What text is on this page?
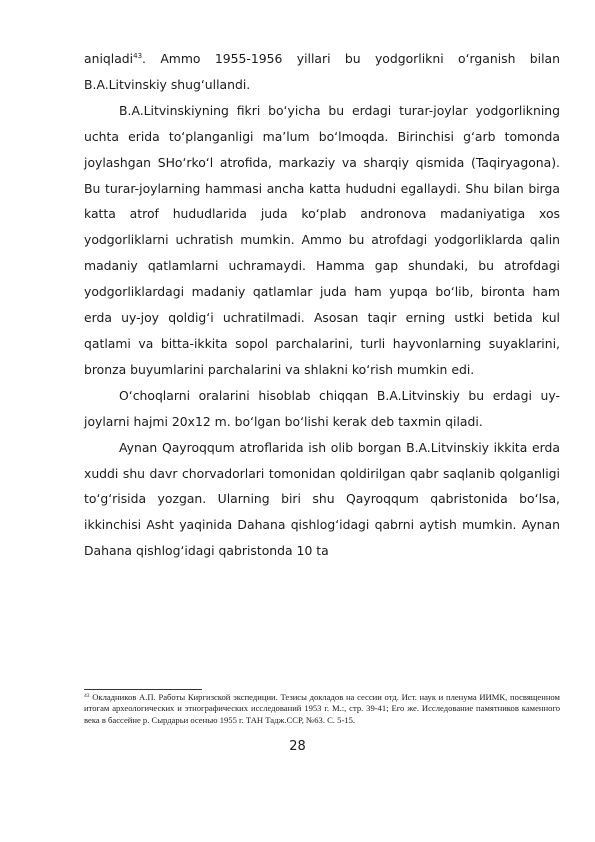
aniqladi$^{43}$. Ammo 1955-1956 yillari bu yodgorlikni o‘rganish bilan B.A.Litvinskiy shug‘ullandi.

B.A.Litvinskiyning fikri bo‘yicha bu erdagi turar-joylar yodgorlikning uchta erida to‘planganligi ma’lum bo‘lmoqda. Birinchisi g‘arb tomonda joylashgan SHo‘rko‘l atrofida, markaziy va sharqiy qismida (Taqiryagona). Bu turar-joylarning hammasi ancha katta hududni egallaydi. Shu bilan birga katta atrof hududlarida juda ko‘plab andronova madaniyatiga xos yodgorliklarni uchratish mumkin. Ammo bu atrofdagi yodgorliklarda qalin madaniy qatlamlarni uchramaydi. Hamma gap shundaki, bu atrofdagi yodgorliklardagi madaniy qatlamlar juda ham yupqa bo‘lib, bironta ham erda uy-joy qoldig‘i uchratilmadi. Asosan taqir erning ustki betida kul qatlami va bitta-ikkita sopol parchalarini, turli hayvonlarning suyaklarini, bronza buyumlarini parchalarini va shlakni ko‘rish mumkin edi.

O‘choqlarni oralarini hisoblab chiqqan B.A.Litvinskiy bu erdagi uy-joylarni hajmi 20x12 m. bo‘lgan bo‘lishi kerak deb taxmin qiladi.

Aynan Qayroqqum atroflarida ish olib borgan B.A.Litvinskiy ikkita erda xuddi shu davr chorvadorlari tomonidan qoldirilgan qabr saqlanib qolganligi to‘g‘risida yozgan. Ularning biri shu Qayroqqum qabristonida bo‘lsa, ikkinchisi Asht yaqinida Dahana qishlog‘idagi qabrni aytish mumkin. Aynan Dahana qishlog‘idagi qabristonda 10 ta

$^{43}$ Окладников А.П. Работы Киргизской экспедиции. Тезисы докладов на сессии отд. Ист. наук и пленума ИИМК, посвященном итогам археологических и этнографических исследований 1953 г. М.:, стр. 39-41; Его же. Исследование памятников каменного века в бассейне р. Сырдарьи осенью 1955 г. ТАН Тадж.ССР, №63. С. 5-15.

28
